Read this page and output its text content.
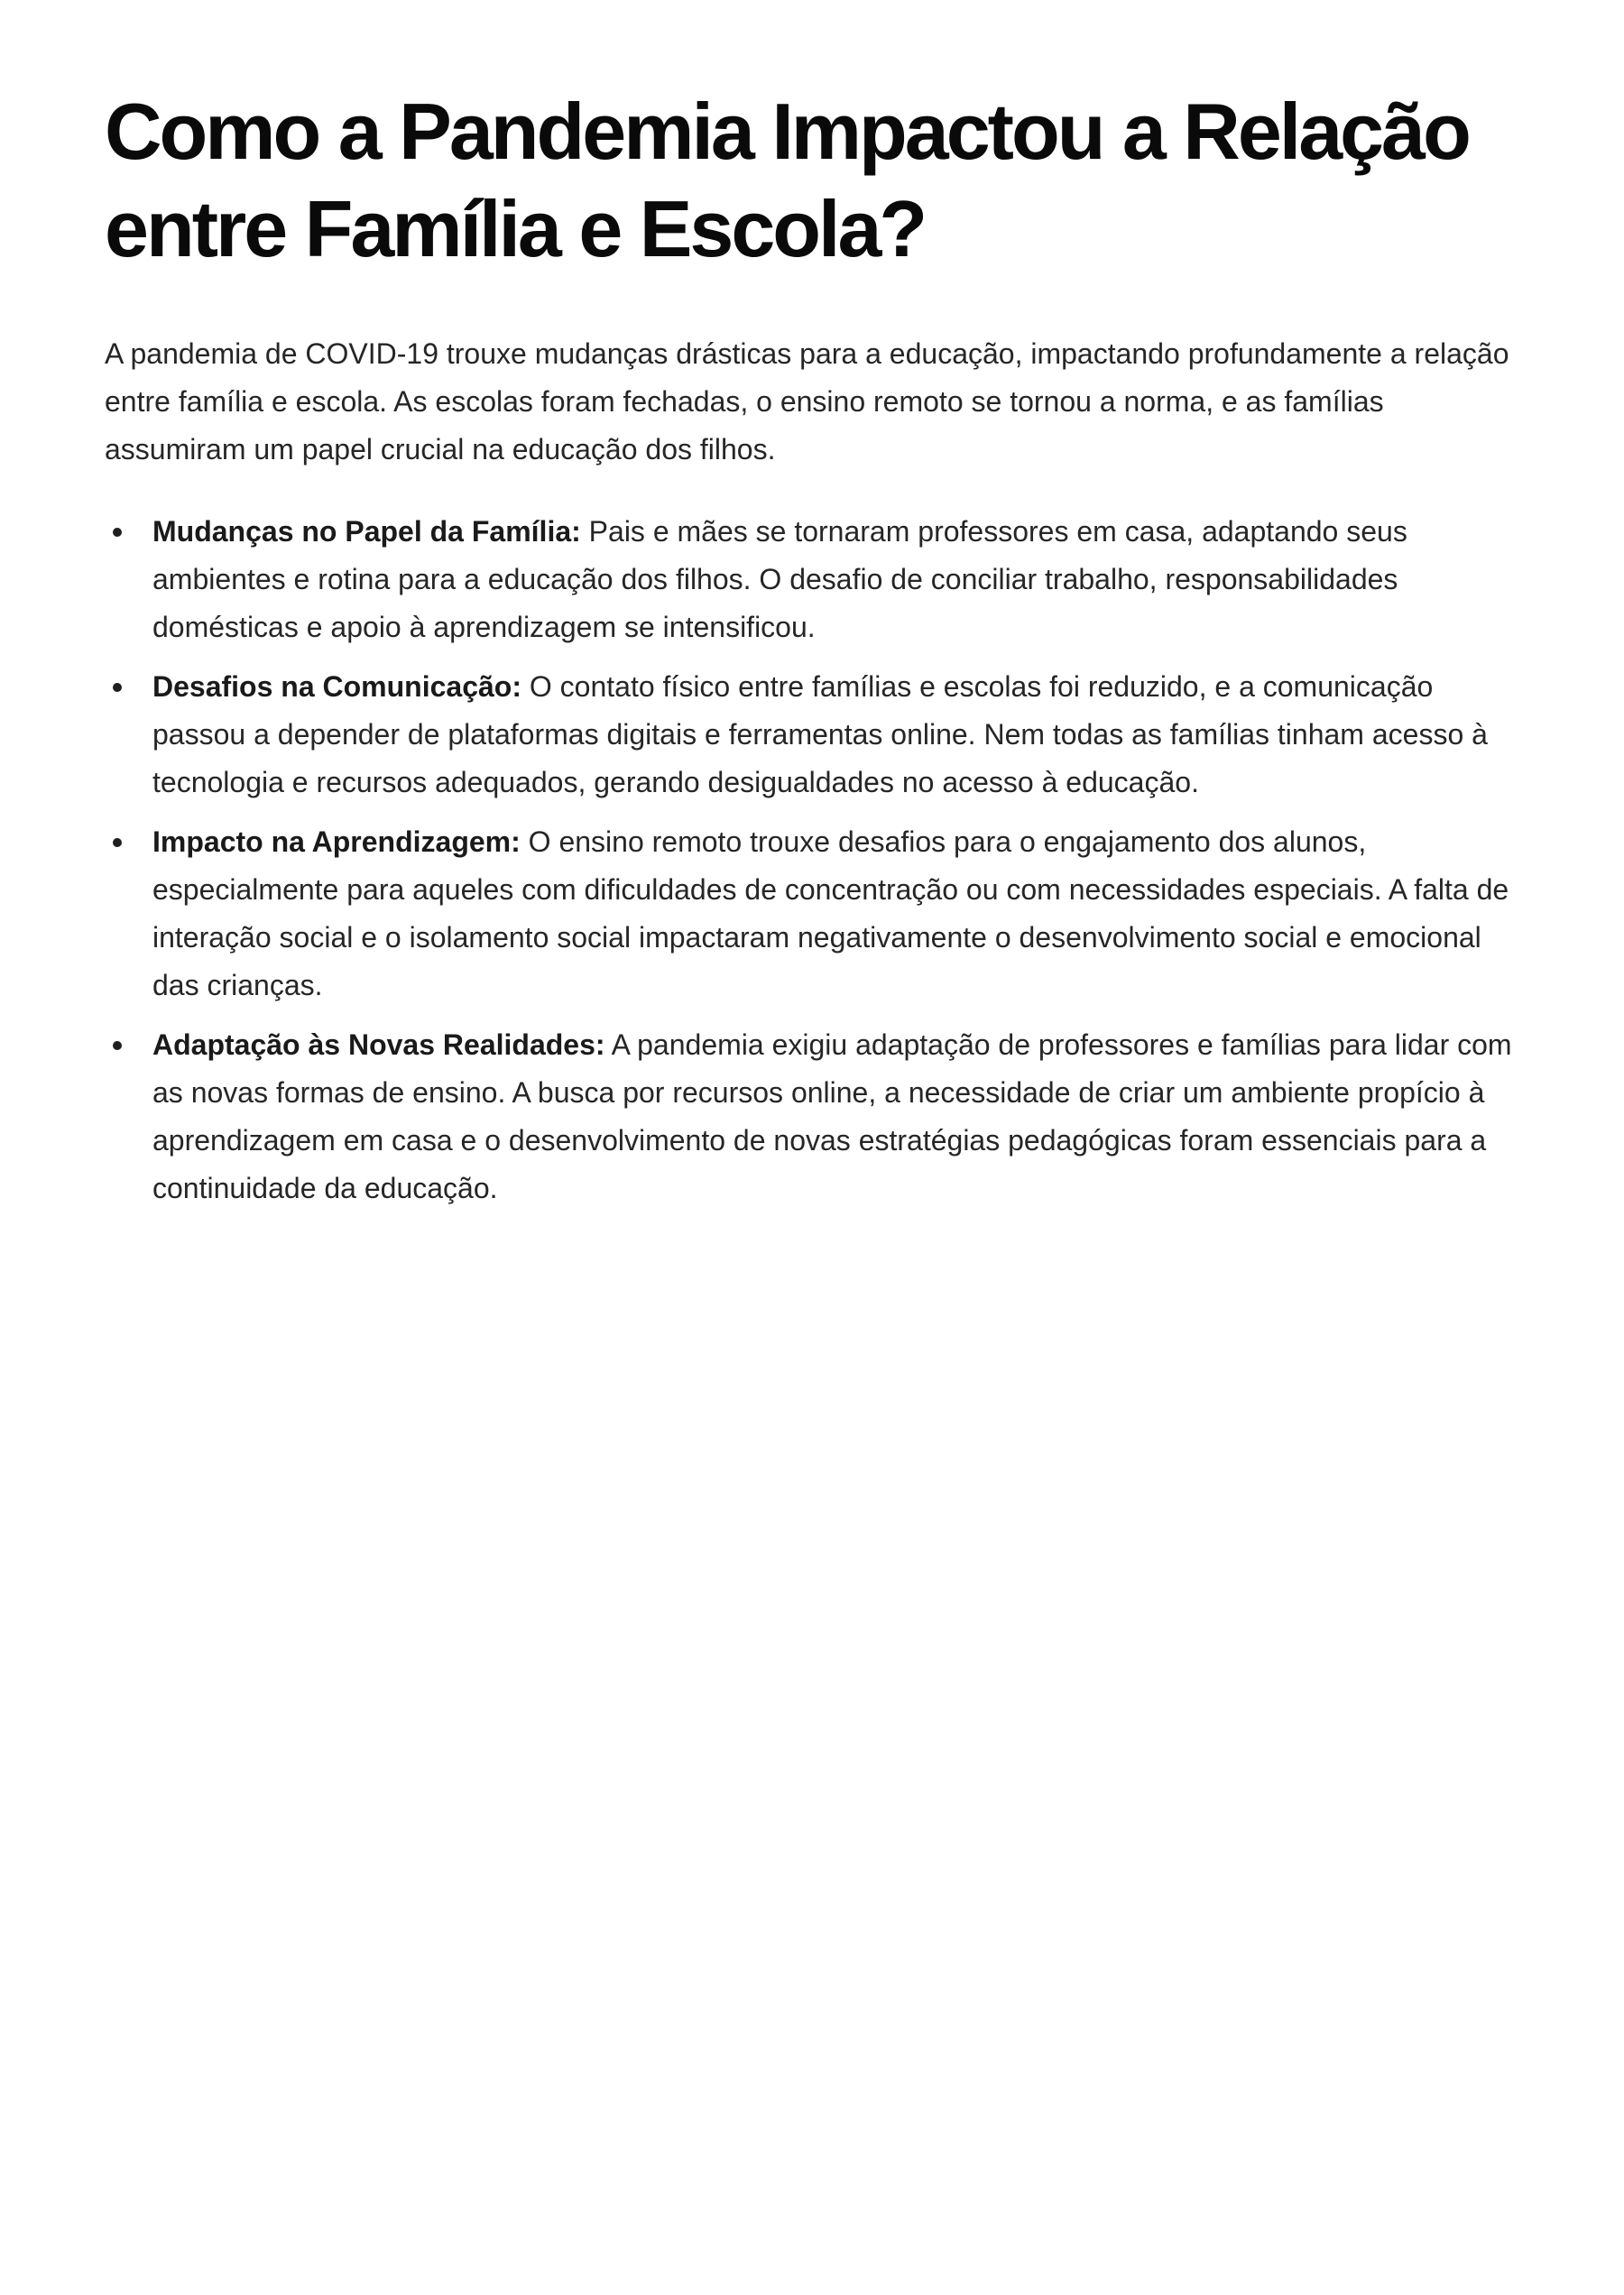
Como a Pandemia Impactou a Relação entre Família e Escola?

A pandemia de COVID-19 trouxe mudanças drásticas para a educação, impactando profundamente a relação entre família e escola. As escolas foram fechadas, o ensino remoto se tornou a norma, e as famílias assumiram um papel crucial na educação dos filhos.

Mudanças no Papel da Família: Pais e mães se tornaram professores em casa, adaptando seus ambientes e rotina para a educação dos filhos. O desafio de conciliar trabalho, responsabilidades domésticas e apoio à aprendizagem se intensificou.
Desafios na Comunicação: O contato físico entre famílias e escolas foi reduzido, e a comunicação passou a depender de plataformas digitais e ferramentas online. Nem todas as famílias tinham acesso à tecnologia e recursos adequados, gerando desigualdades no acesso à educação.
Impacto na Aprendizagem: O ensino remoto trouxe desafios para o engajamento dos alunos, especialmente para aqueles com dificuldades de concentração ou com necessidades especiais. A falta de interação social e o isolamento social impactaram negativamente o desenvolvimento social e emocional das crianças.
Adaptação às Novas Realidades: A pandemia exigiu adaptação de professores e famílias para lidar com as novas formas de ensino. A busca por recursos online, a necessidade de criar um ambiente propício à aprendizagem em casa e o desenvolvimento de novas estratégias pedagógicas foram essenciais para a continuidade da educação.
